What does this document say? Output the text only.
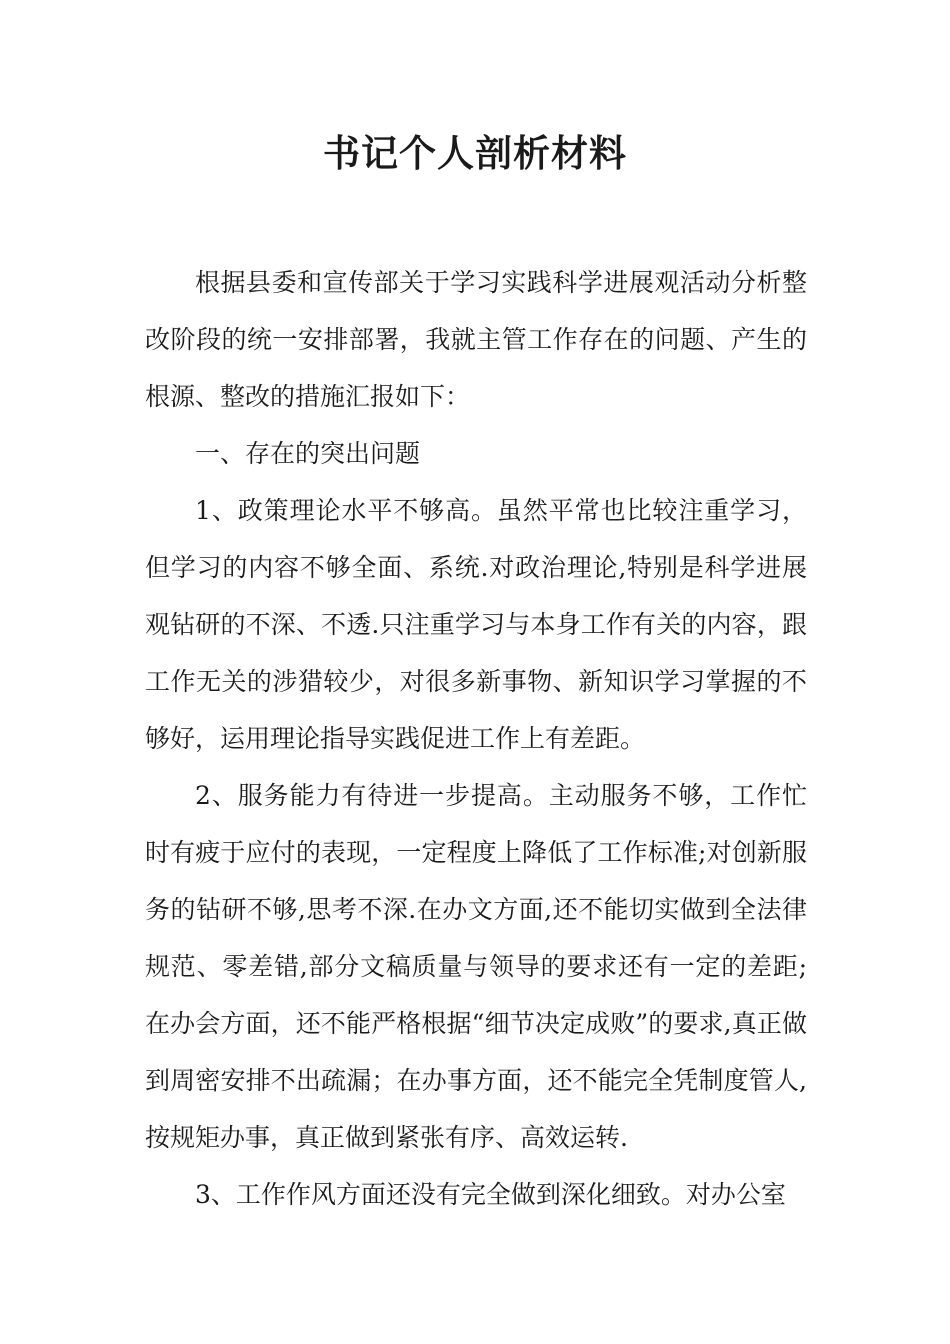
书记个人剖析材料

根据县委和宣传部关于学习实践科学进展观活动分析整改阶段的统一安排部署，我就主管工作存在的问题、产生的根源、整改的措施汇报如下：

一、存在的突出问题

1、政策理论水平不够高。虽然平常也比较注重学习，但学习的内容不够全面、系统.对政治理论,特别是科学进展观钻研的不深、不透.只注重学习与本身工作有关的内容，跟工作无关的涉猎较少，对很多新事物、新知识学习掌握的不够好，运用理论指导实践促进工作上有差距。

2、服务能力有待进一步提高。主动服务不够，工作忙时有疲于应付的表现，一定程度上降低了工作标准;对创新服务的钻研不够,思考不深.在办文方面,还不能切实做到全法律规范、零差错,部分文稿质量与领导的要求还有一定的差距;在办会方面，还不能严格根据“细节决定成败”的要求,真正做到周密安排不出疏漏；在办事方面，还不能完全凭制度管人,按规矩办事，真正做到紧张有序、高效运转.

3、工作作风方面还没有完全做到深化细致。对办公室
